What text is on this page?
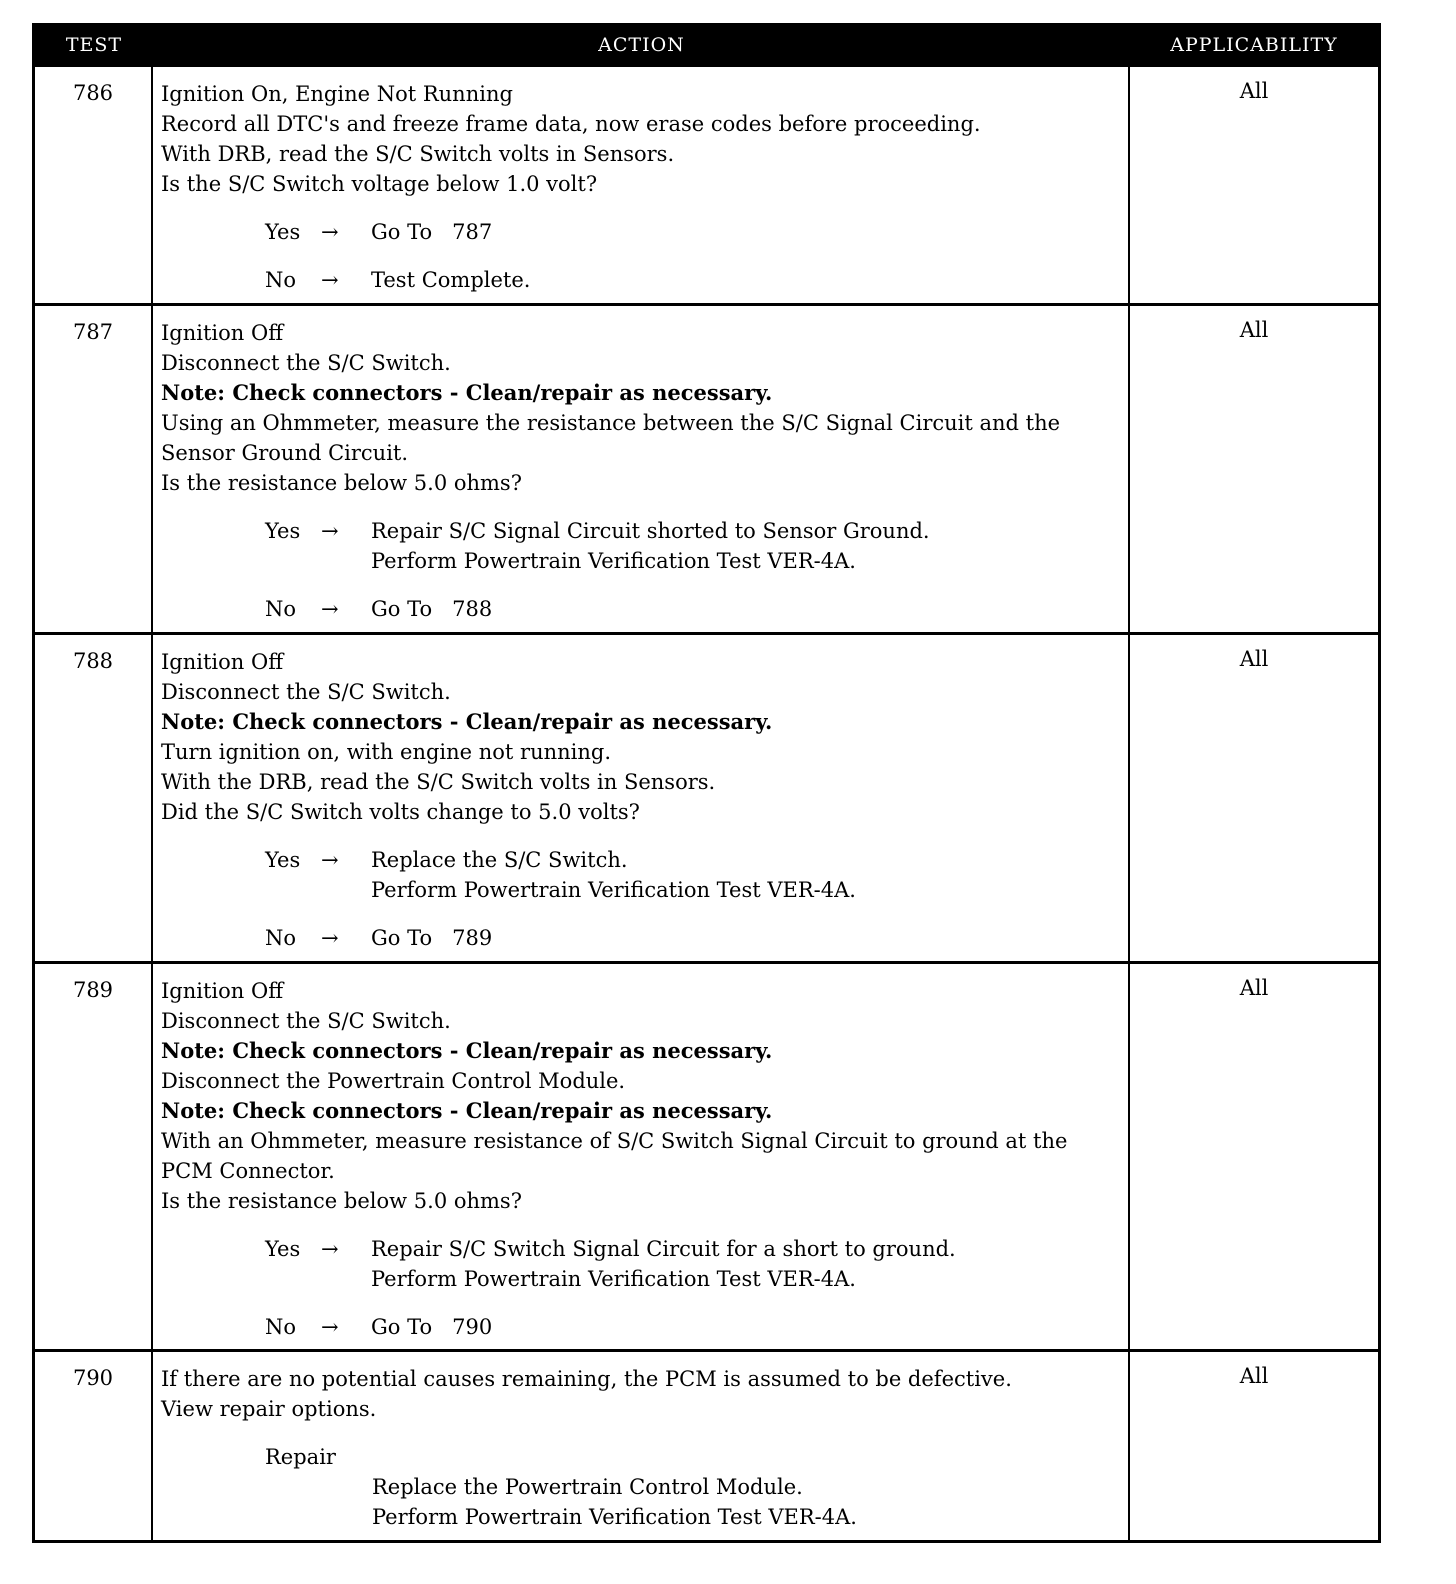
TEST	ACTION	APPLICABILITY
786	Ignition On, Engine Not Running
Record all DTC's and freeze frame data, now erase codes before proceeding.
With DRB, read the S/C Switch volts in Sensors.
Is the S/C Switch voltage below 1.0 volt?
Yes →	Go To   787
No	→	Test Complete.
All
787	Ignition Off
Disconnect the S/C Switch.
Note: Check connectors - Clean/repair as necessary.
Using an Ohmmeter, measure the resistance between the S/C Signal Circuit and the
Sensor Ground Circuit.
Is the resistance below 5.0 ohms?
Yes →	Repair S/C Signal Circuit shorted to Sensor Ground.
Perform Powertrain Verification Test VER-4A.
No	→	Go To   788
All
788	Ignition Off
Disconnect the S/C Switch.
Note: Check connectors - Clean/repair as necessary.
Turn ignition on, with engine not running.
With the DRB, read the S/C Switch volts in Sensors.
Did the S/C Switch volts change to 5.0 volts?
Yes →	Replace the S/C Switch.
Perform Powertrain Verification Test VER-4A.
No	→	Go To   789
All
789	Ignition Off
Disconnect the S/C Switch.
Note: Check connectors - Clean/repair as necessary.
Disconnect the Powertrain Control Module.
Note: Check connectors - Clean/repair as necessary.
With an Ohmmeter, measure resistance of S/C Switch Signal Circuit to ground at the
PCM Connector.
Is the resistance below 5.0 ohms?
Yes →	Repair S/C Switch Signal Circuit for a short to ground.
Perform Powertrain Verification Test VER-4A.
No	→	Go To   790
All
790	If there are no potential causes remaining, the PCM is assumed to be defective.
View repair options.
Repair
Replace the Powertrain Control Module.
Perform Powertrain Verification Test VER-4A.
All
